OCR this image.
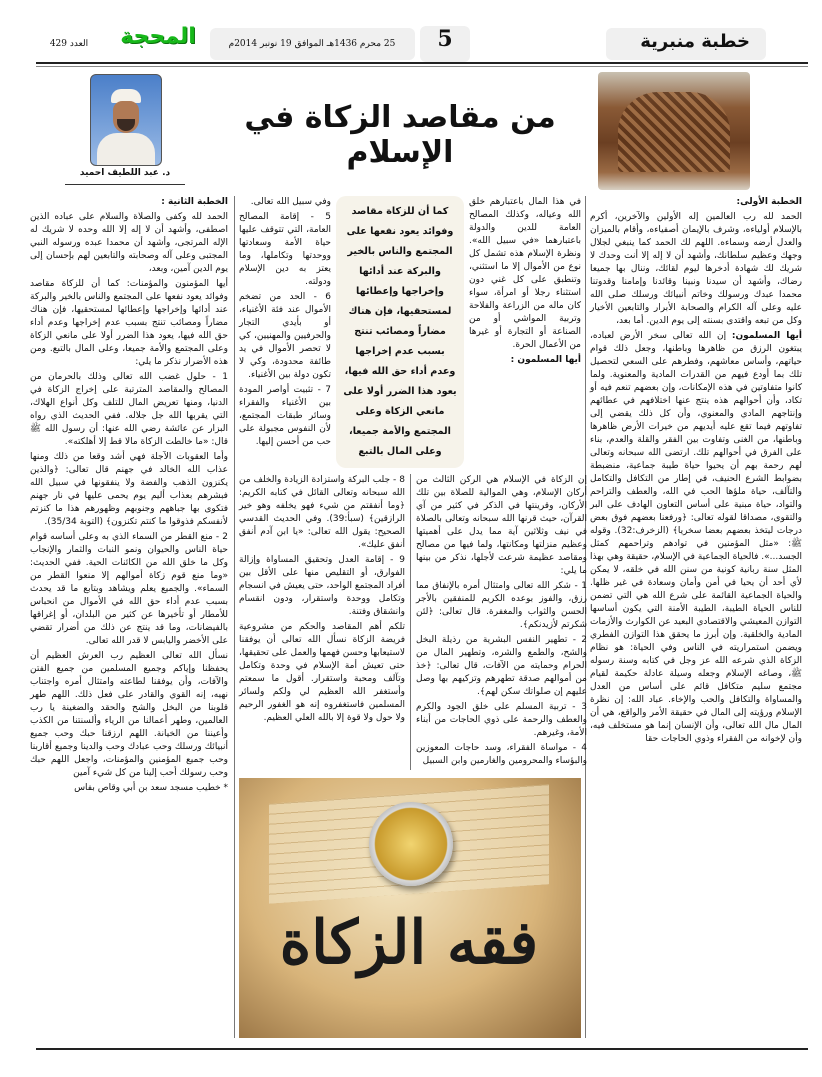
خطبة منبرية
5
25 محرم 1436هـ الموافق 19 نونبر 2014م
المحجة
العدد 429
من مقاصد الزكاة في الإسلام
د. عبد اللطيف احميد

الخطبة الثانية :

الحمد لله وكفى والصلاة والسلام على عباده الذين اصطفى، وأشهد أن لا إله إلا الله وحده لا شريك له الإله المرتجى، وأشهد أن محمدا عبده ورسوله النبي المجتبى وعلى آله وصحابته والتابعين لهم بإحسان إلى يوم الدين آمين، وبعد،

أيها المؤمنون والمؤمنات: كما أن للزكاة مقاصد وفوائد يعود نفعها على المجتمع والناس بالخير والبركة عند أدائها وإخراجها وإعطائها لمستحقيها، فإن هناك مضاراً ومصائب تنتج بسبب عدم إخراجها وعدم أداء حق الله فيها، يعود هذا الضرر أولا على مانعي الزكاة وعلى المجتمع والأمة جميعا، وعلى المال بالتبع. ومن هذه الأضرار نذكر ما يلي:

1 - حلول غضب الله تعالى وذلك بالحرمان من المصالح والمقاصد المترتبة على إخراج الزكاة في الدنيا، ومنها تعريض المال للتلف وكل أنواع الهلاك، التي يقربها الله جل جلاله. ففي الحديث الذي رواه البزار عن عائشة رضي الله عنها: أن رسول الله ﷺ قال: «ما خالطت الزكاة مالا قط إلا أهلكته».

وأما العقوبات الآجلة فهي أشد وقعا من ذلك ومنها عذاب الله الخالد في جهنم قال تعالى: ﴿والذين يكنزون الذهب والفضة ولا ينفقونها في سبيل الله فبشرهم بعذاب أليم يوم يحمى عليها في نار جهنم فتكوى بها جباههم وجنوبهم وظهورهم هذا ما كنزتم لأنفسكم فذوقوا ما كنتم تكنزون﴾ (التوبة 35/34).

2 - منع القطر من السماء الذي به وعلى أساسه قوام حياة الناس والحيوان ونمو النبات والثمار والإنجاب وكل ما خلق الله من الكائنات الحية. ففي الحديث: «وما منع قوم زكاة أموالهم إلا منعوا القطر من السماء». والجميع يعلم ويشاهد وبتابع ما قد يحدث بسبب عدم أداء حق الله في الأموال من انحباس للأمطار أو تأخيرها عن كثير من البلدان، أو إغراقها بالفيضانات، وما قد ينتج عن ذلك من أضرار تقضي على الأخضر واليابس لا قدر الله تعالى.

نسأل الله تعالى العظيم رب العرش العظيم أن يحفظنا وإياكم وجميع المسلمين من جميع الفتن والآفات، وأن يوفقنا لطاعته وامتثال أمره واجتناب نهيه، إنه القوي والقادر على فعل ذلك. اللهم طهر قلوبنا من البخل والشح والحقد والضغينة يا رب العالمين، وطهر أعمالنا من الرياء وألسنتنا من الكذب وأعيننا من الخيانة. اللهم ارزقنا حبك وحب جميع أنبيائك ورسلك وحب عبادك وحب والدينا وجميع أقاربنا وحب جميع المؤمنين والمؤمنات، واجعل اللهم حبك وحب رسولك أحب إلينا من كل شيء آمين

* خطيب مسجد سعد بن أبي وقاص بفاس

وفي سبيل الله تعالى.

5 - إقامة المصالح العامة، التي تتوقف عليها حياة الأمة وسعادتها ووحدتها وتكاملها، وما يعتز به دين الإسلام ودولته.

6 - الحد من تضخم الأموال عند فئة الأغنياء، أو بأيدي التجار والحرفيين والمهنيين، كي لا تحصر الأموال في يد طائفة محدودة، وكي لا تكون دولة بين الأغنياء.

7 - تثبيت أواصر المودة بين الأغنياء والفقراء وسائر طبقات المجتمع، لأن النفوس مجبولة على حب من أحسن إليها.

كما أن للزكاة مقاصد وفوائد يعود نفعها على المجتمع والناس بالخير والبركة عند أدائها وإخراجها وإعطائها لمستحقيها، فإن هناك مضاراً ومصائب تنتج بسبب عدم إخراجها وعدم أداء حق الله فيها، يعود هذا الضرر أولا على مانعي الزكاة وعلى المجتمع والأمة جميعا، وعلى المال بالتبع

في هذا المال باعتبارهم خلق الله وعياله، وكذلك المصالح العامة للدين والدولة باعتبارهما «في سبيل الله». ونظرة الإسلام هذه تشمل كل نوع من الأموال إلا ما استثني، وتنطبق على كل غني دون استثناء رجلا أو امرأة، سواء كان ماله من الزراعة والفلاحة وتربية المواشي أو من الصناعة أو التجارة أو غيرها من الأعمال الحرة.

أيها المسلمون :

8 - جلب البركة واستزادة الزيادة والخلف من الله سبحانه وتعالى القائل في كتابه الكريم: ﴿وما أنفقتم من شيء فهو يخلفه وهو خير الرازقين﴾ (سبأ:39). وفي الحديث القدسي الصحيح: يقول الله تعالى: «يا ابن آدم أنفق أنفق عليك».

9 - إقامة العدل وتحقيق المساواة وإزالة الفوارق، أو التقليص منها على الأقل بين أفراد المجتمع الواحد، حتى يعيش في انسجام وتكامل ووحدة واستقرار، ودون انقسام وانشقاق وفتنة.

تلكم أهم المقاصد والحكم من مشروعية فريضة الزكاة نسأل الله تعالى أن يوفقنا لاستيعابها وحسن فهمها والعمل على تحقيقها، حتى تعيش أمة الإسلام في وحدة وتكامل وتآلف ومحبة واستقرار. أقول ما سمعتم وأستغفر الله العظيم لي ولكم ولسائر المسلمين فاستغفروه إنه هو الغفور الرحيم ولا حول ولا قوة إلا بالله العلي العظيم.

إن الزكاة في الإسلام هي الركن الثالث من أركان الإسلام، وهي الموالية للصلاة بين تلك الأركان، وقرينتها في الذكر في كثير من آي القرآن، حيث قرنها الله سبحانه وتعالى بالصلاة في نيف وثلاثين آية مما يدل على أهميتها وعظيم منزلتها ومكانتها، ولما فيها من مصالح ومقاصد عظيمة شرعت لأجلها، نذكر من بينها ما يلي:

1 - شكر الله تعالى وامتثال أمره بالإنفاق مما رزق، والفوز بوعده الكريم للمنفقين بالأجر الحسن والثواب والمغفرة. قال تعالى: ﴿لئن شكرتم لأزيدنكم﴾.

2 - تطهير النفس البشرية من رذيلة البخل والشح، والطمع والشره، وتطهير المال من الحرام وحمايته من الآفات، قال تعالى: ﴿خذ من أموالهم صدقة تطهرهم وتزكيهم بها وصل عليهم إن صلواتك سكن لهم﴾.

3 - تربية المسلم على خلق الجود والكرم والعطف والرحمة على ذوي الحاجات من أبناء الأمة، وغيرهم.

4 - مواساة الفقراء، وسد حاجات المعوزين والبؤساء والمحرومين والغارمين وابن السبيل

فقه الزكاة

الخطبة الأولى:

الحمد لله رب العالمين إله الأولين والآخرين، أكرم بالإسلام أولياءه، وشرف بالإيمان أصفياءه، وأقام بالميزان والعدل أرضه وسماءه. اللهم لك الحمد كما ينبغي لجلال وجهك وعظيم سلطانك، وأشهد أن لا إله إلا أنت وحدك لا شريك لك شهادة أدخرها ليوم لقائك، وننال بها جميعا رضاك، وأشهد أن سيدنا ونبينا وقائدنا وإمامنا وقدوتنا محمدا عبدك ورسولك وخاتم أنبيائك ورسلك صلى الله عليه وعلى آله الكرام والصحابة الأبرار والتابعين الأخيار وكل من تبعه واقتدى بسنته إلى يوم الدين. أما بعد،

أيها المسلمون: إن الله تعالى سخر الأرض لعباده، يبتغون الرزق من ظاهرها وباطنها، وجعل ذلك قوام حياتهم، وأساس معاشهم، وفطرهم على السعي لتحصيل تلك بما أودع فيهم من القدرات المادية والمعنوية. ولما كانوا متفاوتين في هذه الإمكانات، وإن بعضهم تنعم فيه أو تكاد، وأن أحوالهم هذه ينتج عنها اختلافهم في عطائهم وإنتاجهم المادي والمعنوي، وأن كل ذلك يقضي إلى تفاوتهم فيما تقع عليه أيديهم من خيرات الأرض ظاهرها وباطنها، من الغنى وتفاوت بين الفقر والقلة والعدم، بناء على الفرق في أحوالهم تلك. ارتضى الله سبحانه وتعالى لهم رحمة بهم أن يحيوا حياة طيبة جماعية، منضبطة بضوابط الشرع الحنيف، في إطار من التكافل والتكامل والتآلف، حياة ملؤها الحب في الله، والعطف والتراحم والتواد، حياة مبنية على أساس التعاون الهادف على البر والتقوى، مصداقا لقوله تعالى: ﴿ورفعنا بعضهم فوق بعض درجات ليتخذ بعضهم بعضا سخريا﴾ (الزخرف:32). وقوله ﷺ: «مثل المؤمنين في توادهم وتراحمهم كمثل الجسد...». فالحياة الجماعية في الإسلام، حقيقة وهي بهذا المثل سنة ربانية كونية من سنن الله في خلقه، لا يمكن لأي أحد أن يحيا في أمن وأمان وسعادة في غير ظلها. والحياة الجماعية القائمة على شرع الله هي التي تضمن للناس الحياة الطيبة، الطيبة الأمنة التي يكون أساسها التوازن المعيشي والاقتصادي البعيد عن الكوارث والأزمات المادية والخلقية. وإن أبرز ما يحقق هذا التوازن الفطري ويضمن استمراريته في الناس وفي الحياة: هو نظام الزكاة الذي شرعه الله عز وجل في كتابه وسنة رسوله ﷺ، وصاغه الإسلام وجعله وسيلة عادلة حكيمة لقيام مجتمع سليم متكافل قائم على أساس من العدل والمساواة والتكافل والحب والإخاء. عباد الله: إن نظرة الإسلام ورؤيته إلى المال في حقيقة الأمر والواقع، هي أن المال مال الله تعالى، وأن الإنسان إنما هو مستخلف فيه، وأن لإخوانه من الفقراء وذوي الحاجات حقا
